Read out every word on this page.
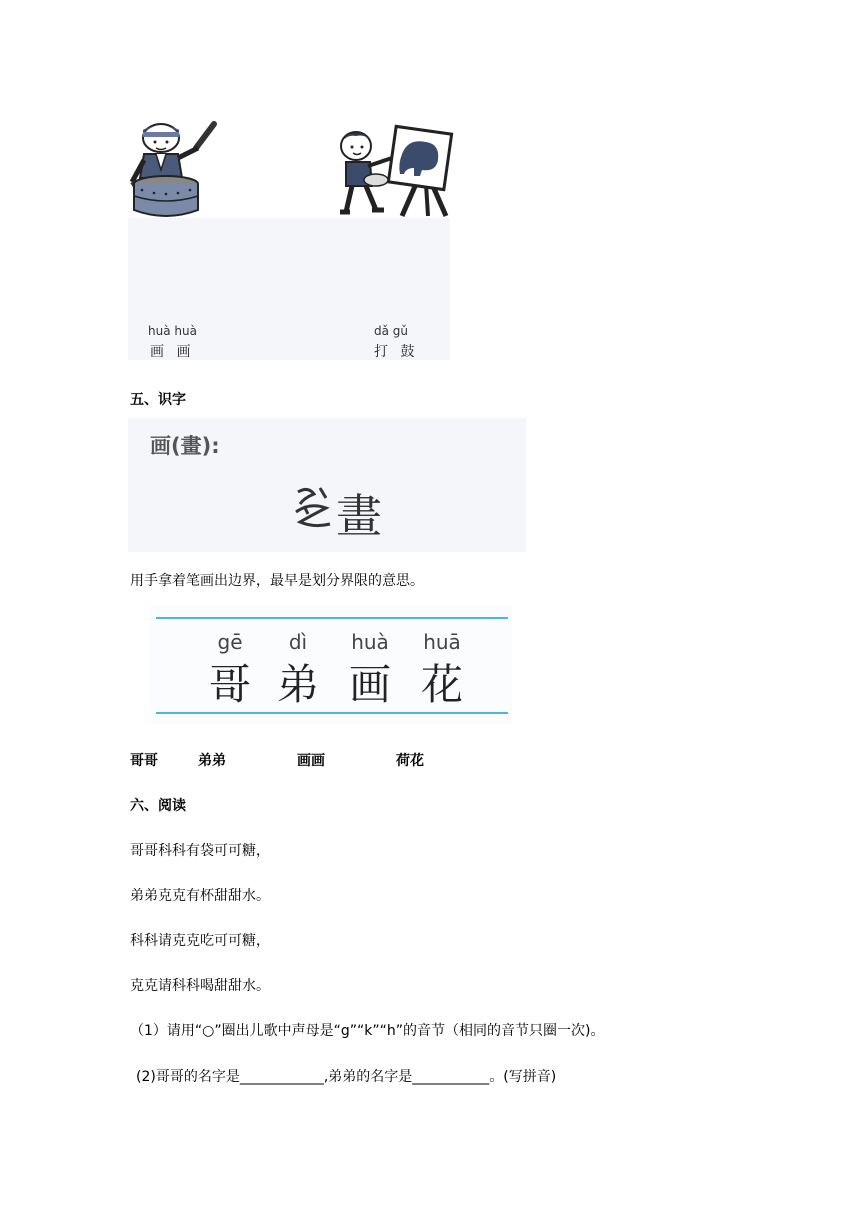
huà huà
画 画
dǎ gǔ
打 鼓
五、识字
画(畫):
畫
用手拿着笔画出边界，最早是划分界限的意思。
gē
哥
dì
弟
huà
画
huā
花
哥哥	弟弟	画画	荷花
六、阅读
哥哥科科有袋可可糖，
弟弟克克有杯甜甜水。
科科请克克吃可可糖，
克克请科科喝甜甜水。
（1）请用“○”圈出儿歌中声母是“g”“k”“h”的音节（相同的音节只圈一次)。
(2)哥哥的名字是____________,弟弟的名字是___________。(写拼音)
